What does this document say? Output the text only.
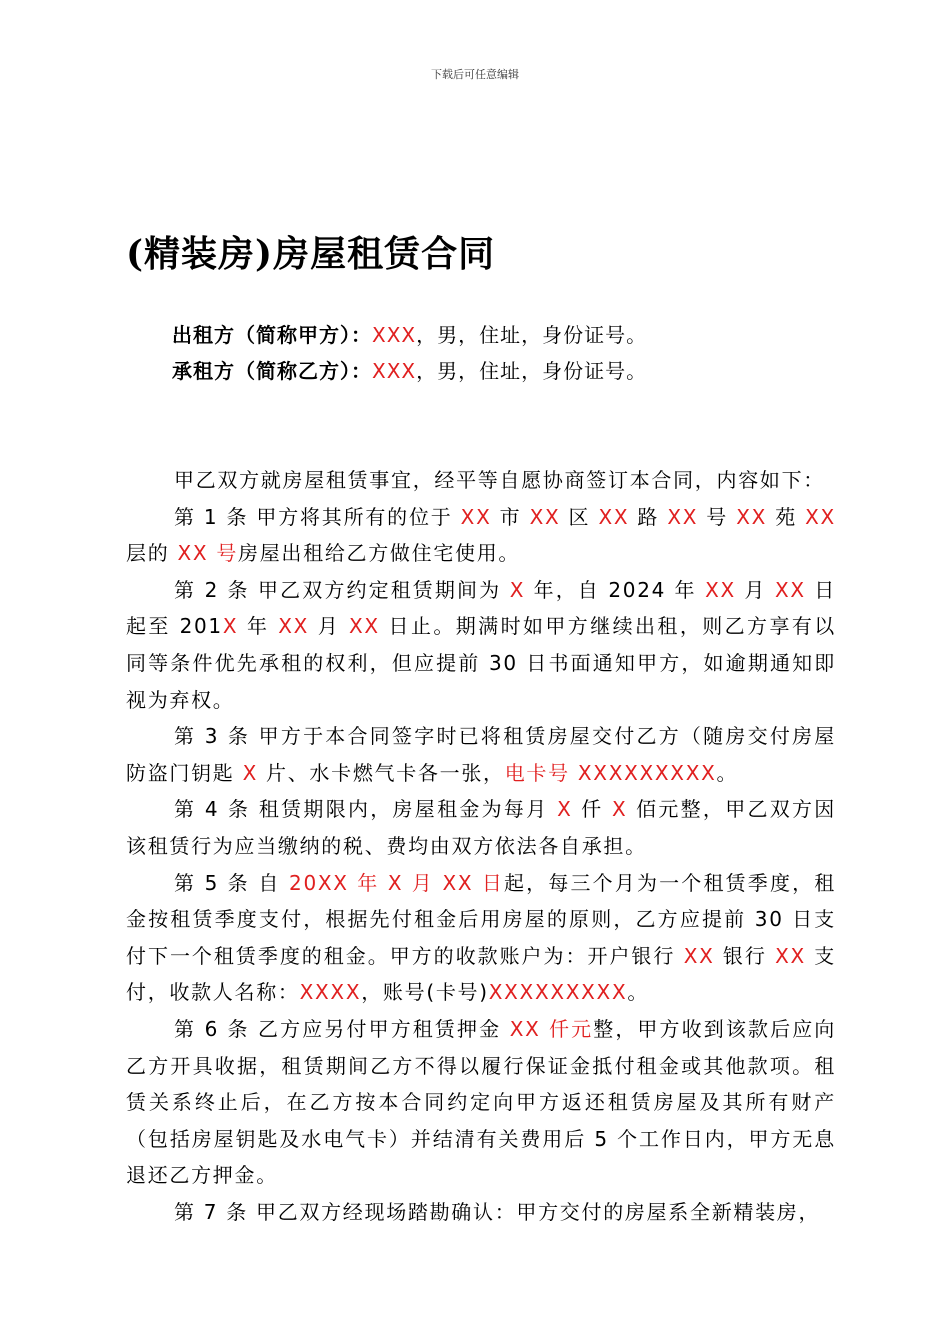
下载后可任意编辑
(精装房)房屋租赁合同
出租方（简称甲方）：XXX，男，住址，身份证号。
承租方（简称乙方）：XXX，男，住址，身份证号。

甲乙双方就房屋租赁事宜，经平等自愿协商签订本合同，内容如下：

第 1 条 甲方将其所有的位于 XX 市 XX 区 XX 路 XX 号 XX 苑 XX 层的 XX 号房屋出租给乙方做住宅使用。

第 2 条 甲乙双方约定租赁期间为 X 年，自 2024 年 XX 月 XX 日起至 201X 年 XX 月 XX 日止。期满时如甲方继续出租，则乙方享有以同等条件优先承租的权利，但应提前 30 日书面通知甲方，如逾期通知即视为弃权。

第 3 条 甲方于本合同签字时已将租赁房屋交付乙方（随房交付房屋防盗门钥匙 X 片、水卡燃气卡各一张，电卡号 XXXXXXXXX。

第 4 条 租赁期限内，房屋租金为每月 X 仟 X 佰元整，甲乙双方因该租赁行为应当缴纳的税、费均由双方依法各自承担。

第 5 条 自 20XX 年 X 月 XX 日起，每三个月为一个租赁季度，租金按租赁季度支付，根据先付租金后用房屋的原则，乙方应提前 30 日支付下一个租赁季度的租金。甲方的收款账户为：开户银行 XX 银行 XX 支付，收款人名称：XXXX，账号(卡号)XXXXXXXXX。

第 6 条 乙方应另付甲方租赁押金 XX 仟元整，甲方收到该款后应向乙方开具收据，租赁期间乙方不得以履行保证金抵付租金或其他款项。租赁关系终止后，在乙方按本合同约定向甲方返还租赁房屋及其所有财产（包括房屋钥匙及水电气卡）并结清有关费用后 5 个工作日内，甲方无息退还乙方押金。

第 7 条 甲乙双方经现场踏勘确认：甲方交付的房屋系全新精装房，
